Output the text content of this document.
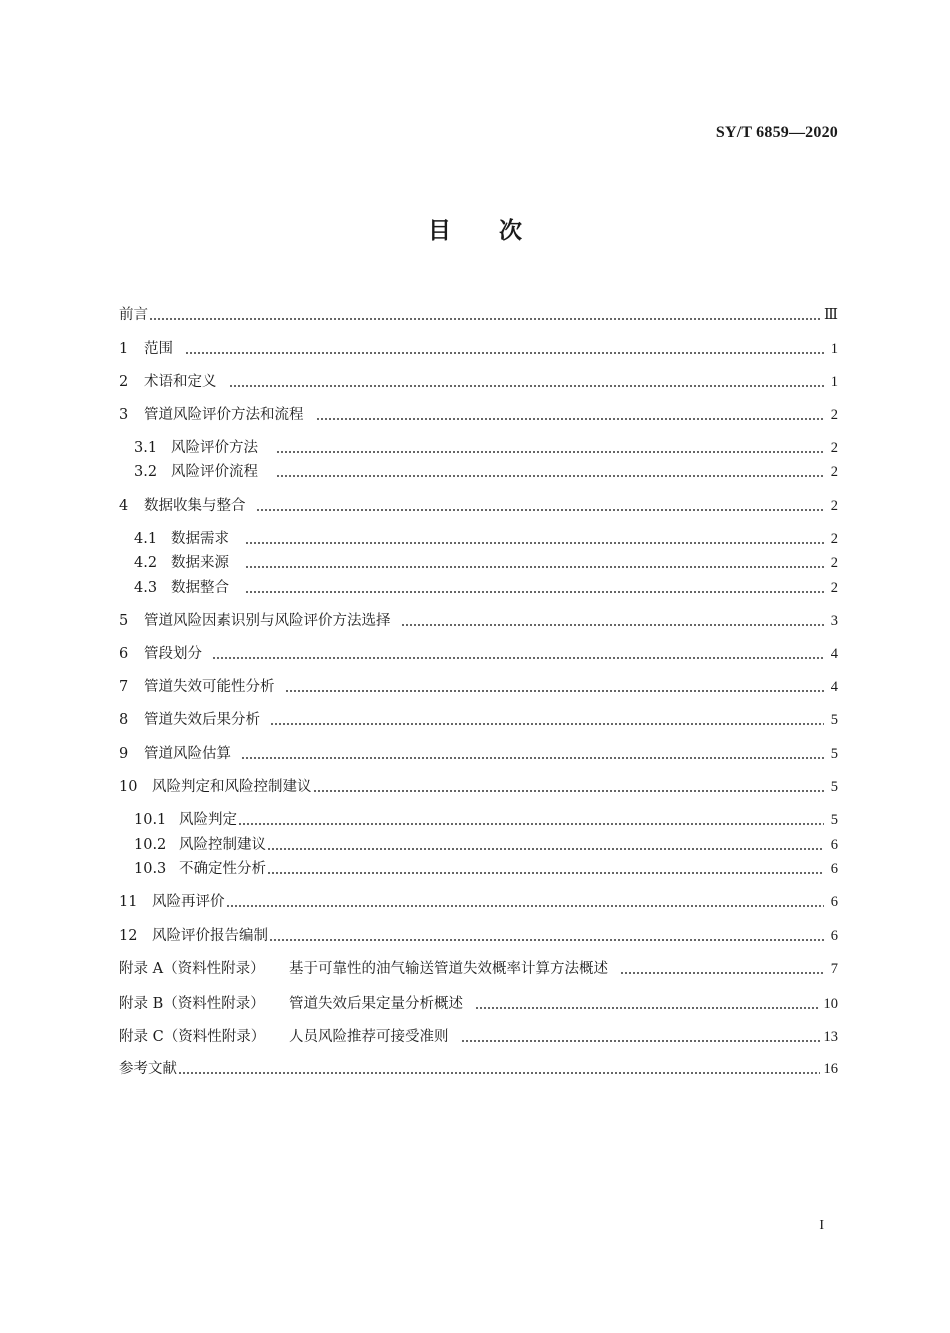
SY/T 6859—2020
目 次
前言	Ⅲ
1	范围	1
2	术语和定义	1
3	管道风险评价方法和流程	2
3.1 风险评价方法	2
3.2 风险评价流程	2
4	数据收集与整合	2
4.1 数据需求	2
4.2 数据来源	2
4.3 数据整合	2
5	管道风险因素识别与风险评价方法选择	3
6	管段划分	4
7	管道失效可能性分析	4
8	管道失效后果分析	5
9	管道风险估算	5
10	风险判定和风险控制建议	5
10.1 风险判定	5
10.2 风险控制建议	6
10.3 不确定性分析	6
11	风险再评价	6
12	风险评价报告编制	6
附录 A（资料性附录）	基于可靠性的油气输送管道失效概率计算方法概述	7
附录 B（资料性附录）	管道失效后果定量分析概述	10
附录 C（资料性附录）	人员风险推荐可接受准则	13
参考文献	16
I
